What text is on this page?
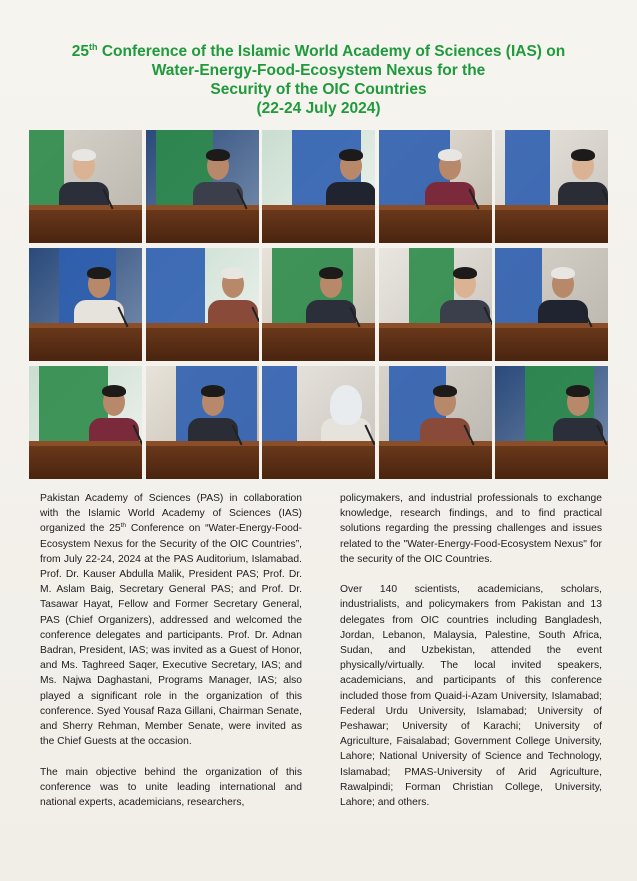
25th Conference of the Islamic World Academy of Sciences (IAS) on
Water-Energy-Food-Ecosystem Nexus for the
Security of the OIC Countries
(22-24 July 2024)

Pakistan Academy of Sciences (PAS) in collaboration with the Islamic World Academy of Sciences (IAS) organized the 25th Conference on “Water-Energy-Food-Ecosystem Nexus for the Security of the OIC Countries”, from July 22-24, 2024 at the PAS Auditorium, Islamabad. Prof. Dr. Kauser Abdulla Malik, President PAS; Prof. Dr. M. Aslam Baig, Secretary General PAS; and Prof. Dr. Tasawar Hayat, Fellow and Former Secretary General, PAS (Chief Organizers), addressed and welcomed the conference delegates and participants. Prof. Dr. Adnan Badran, President, IAS; was invited as a Guest of Honor, and Ms. Taghreed Saqer, Executive Secretary, IAS; and Ms. Najwa Daghastani, Programs Manager, IAS; also played a significant role in the organization of this conference. Syed Yousaf Raza Gillani, Chairman Senate, and Sherry Rehman, Member Senate, were invited as the Chief Guests at the occasion.

The main objective behind the organization of this conference was to unite leading international and national experts, academicians, researchers,

policymakers, and industrial professionals to exchange knowledge, research findings, and to find practical solutions regarding the pressing challenges and issues related to the "Water-Energy-Food-Ecosystem Nexus" for the security of the OIC Countries.

Over 140 scientists, academicians, scholars, industrialists, and policymakers from Pakistan and 13 delegates from OIC countries including Bangladesh, Jordan, Lebanon, Malaysia, Palestine, South Africa, Sudan, and Uzbekistan, attended the event physically/virtually. The local invited speakers, academicians, and participants of this conference included those from Quaid-i-Azam University, Islamabad; Federal Urdu University, Islamabad; University of Peshawar; University of Karachi; University of Agriculture, Faisalabad; Government College University, Lahore; National University of Science and Technology, Islamabad; PMAS-University of Arid Agriculture, Rawalpindi; Forman Christian College, University, Lahore; and others.
